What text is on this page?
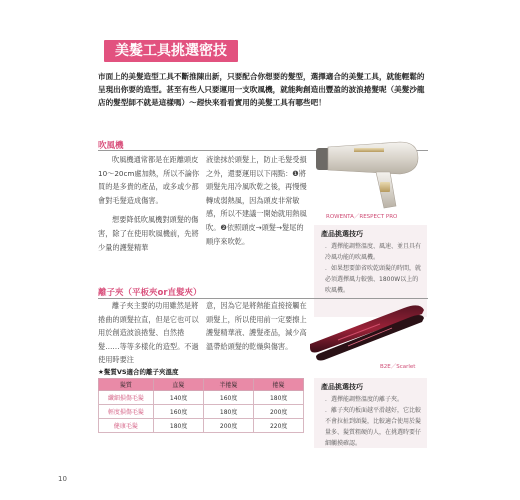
美髮工具挑選密技
市面上的美髮造型工具不斷推陳出新，只要配合你想要的髮型，選擇適合的美髮工具，就能輕鬆的呈現出你要的造型。甚至有些人只要運用一支吹風機，就能夠創造出豐盈的波浪捲髮呢（美髮沙龍店的髮型師不就是這樣嗎）～趕快來看看實用的美髮工具有哪些吧！
吹風機

吹風機通常都是在距離頭皮10～20cm處加熱，所以不論你買的是多貴的產品，或多或少都會對毛髮造成傷害。

想要降低吹風機對頭髮的傷害，除了在使用吹風機前，先將少量的護髮精華

液塗抹於頭髮上，防止毛髮受損之外，還要運用以下兩點：❶將頭髮先用冷風吹乾之後，再慢慢轉成弱熱風，因為頭皮非常敏感，所以不建議一開始就用熱風吹。❷依照頭皮→頭髮→髮尾的順序來吹乾。
ROWENTA／RESPECT PRO
產品挑選技巧
．選擇能調整溫度、風速、並且具有冷風功能的吹風機。
．如果想要節省吹乾頭髮的時間，就必須選擇風力較強、1800W以上的吹風機。
離子夾（平板夾or直髮夾）

離子夾主要的功用雖然是將捲曲的頭髮拉直，但是它也可以用於創造波浪捲髮、自然捲髮……等等多樣化的造型。不過使用時要注

意，因為它是將熱能直接接觸在頭髮上，所以使用前一定要擦上護髮精華液、護髮產品，減少高溫帶給頭髮的乾燥與傷害。
B2E／Scarlet
產品挑選技巧
．選擇能調整溫度的離子夾。
．離子夾的板面越平滑越好，它比較不會拉扯到頭髮，比較適合使用於髮量多、髮質粗硬的人，在挑選時要仔細觸摸確認。
★髮質VS適合的離子夾溫度
髮質	直髮	半捲髮	捲髮
纖細損傷毛髮	140度	160度	180度
輕度損傷毛髮	160度	180度	200度
健康毛髮	180度	200度	220度
10
